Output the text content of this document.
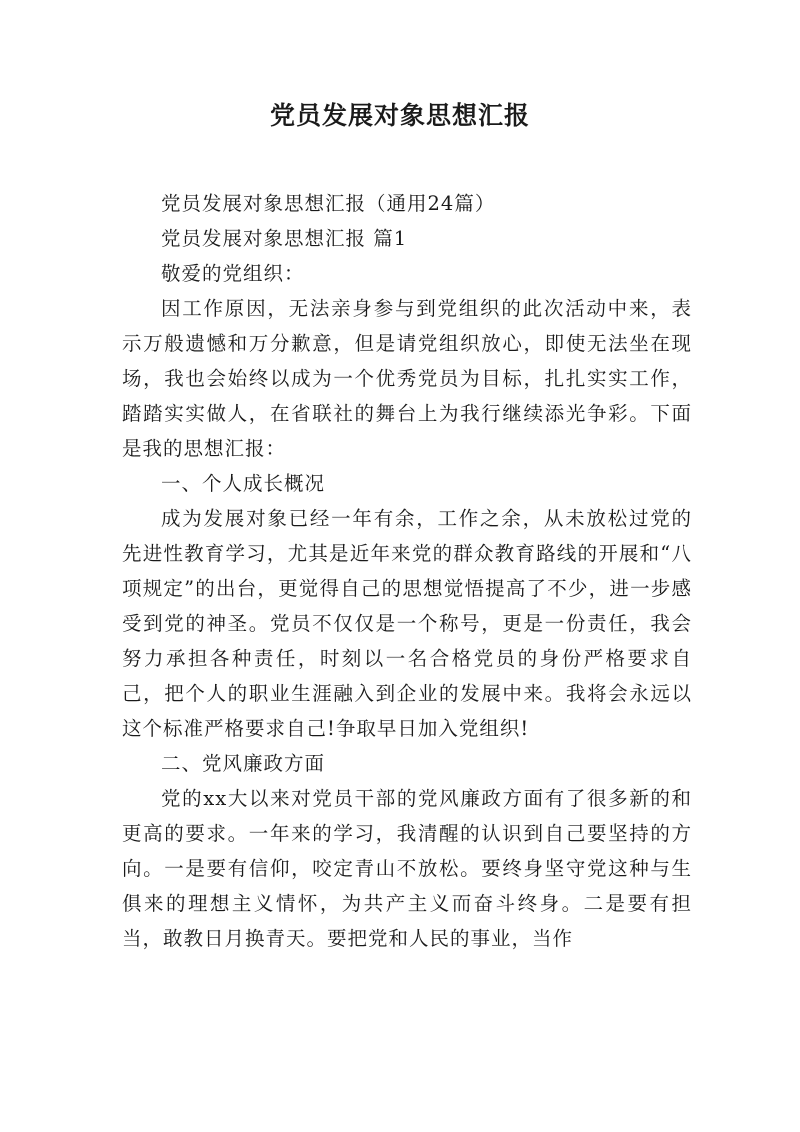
党员发展对象思想汇报

党员发展对象思想汇报（通用24篇）

党员发展对象思想汇报 篇1

敬爱的党组织：

因工作原因，无法亲身参与到党组织的此次活动中来，表示万般遗憾和万分歉意，但是请党组织放心，即使无法坐在现场，我也会始终以成为一个优秀党员为目标，扎扎实实工作，踏踏实实做人，在省联社的舞台上为我行继续添光争彩。下面是我的思想汇报：

一、个人成长概况

成为发展对象已经一年有余，工作之余，从未放松过党的先进性教育学习，尤其是近年来党的群众教育路线的开展和“八项规定”的出台，更觉得自己的思想觉悟提高了不少，进一步感受到党的神圣。党员不仅仅是一个称号，更是一份责任，我会努力承担各种责任，时刻以一名合格党员的身份严格要求自己，把个人的职业生涯融入到企业的发展中来。我将会永远以这个标准严格要求自己!争取早日加入党组织!

二、党风廉政方面

党的xx大以来对党员干部的党风廉政方面有了很多新的和更高的要求。一年来的学习，我清醒的认识到自己要坚持的方向。一是要有信仰，咬定青山不放松。要终身坚守党这种与生俱来的理想主义情怀，为共产主义而奋斗终身。二是要有担当，敢教日月换青天。要把党和人民的事业，当作
